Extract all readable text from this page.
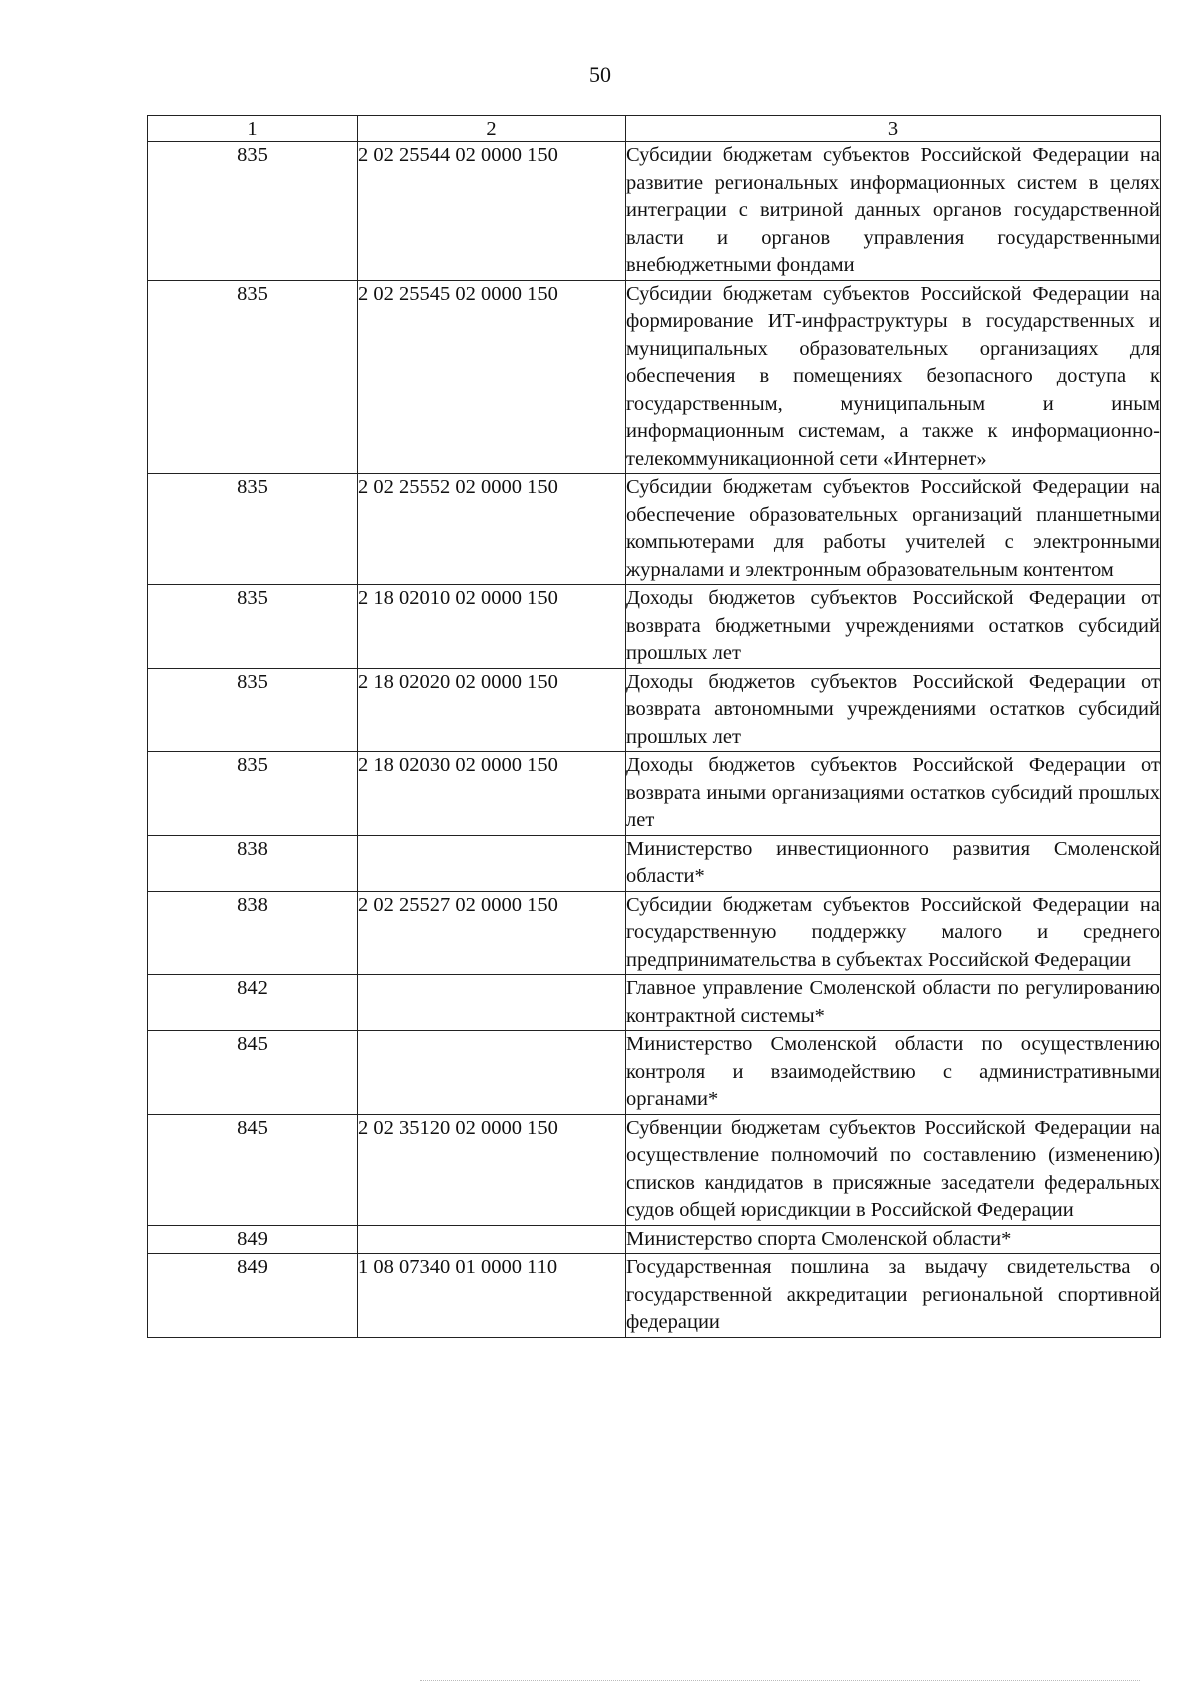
50
1	2	3
835	2 02 25544 02 0000 150	Субсидии бюджетам субъектов Российской Федерации на развитие региональных информационных систем в целях интеграции с витриной данных органов государственной власти и органов управления государственными внебюджетными фондами
835	2 02 25545 02 0000 150	Субсидии бюджетам субъектов Российской Федерации на формирование ИТ-инфраструктуры в государственных и муниципальных образовательных организациях для обеспечения в помещениях безопасного доступа к государственным, муниципальным и иным информационным системам, а также к информационно-телекоммуникационной сети «Интернет»
835	2 02 25552 02 0000 150	Субсидии бюджетам субъектов Российской Федерации на обеспечение образовательных организаций планшетными компьютерами для работы учителей с электронными журналами и электронным образовательным контентом
835	2 18 02010 02 0000 150	Доходы бюджетов субъектов Российской Федерации от возврата бюджетными учреждениями остатков субсидий прошлых лет
835	2 18 02020 02 0000 150	Доходы бюджетов субъектов Российской Федерации от возврата автономными учреждениями остатков субсидий прошлых лет
835	2 18 02030 02 0000 150	Доходы бюджетов субъектов Российской Федерации от возврата иными организациями остатков субсидий прошлых лет
838		Министерство инвестиционного развития Смоленской области*
838	2 02 25527 02 0000 150	Субсидии бюджетам субъектов Российской Федерации на государственную поддержку малого и среднего предпринимательства в субъектах Российской Федерации
842		Главное управление Смоленской области по регулированию контрактной системы*
845		Министерство Смоленской области по осуществлению контроля и взаимодействию с административными органами*
845	2 02 35120 02 0000 150	Субвенции бюджетам субъектов Российской Федерации на осуществление полномочий по составлению (изменению) списков кандидатов в присяжные заседатели федеральных судов общей юрисдикции в Российской Федерации
849		Министерство спорта Смоленской области*
849	1 08 07340 01 0000 110	Государственная пошлина за выдачу свидетельства о государственной аккредитации региональной спортивной федерации
